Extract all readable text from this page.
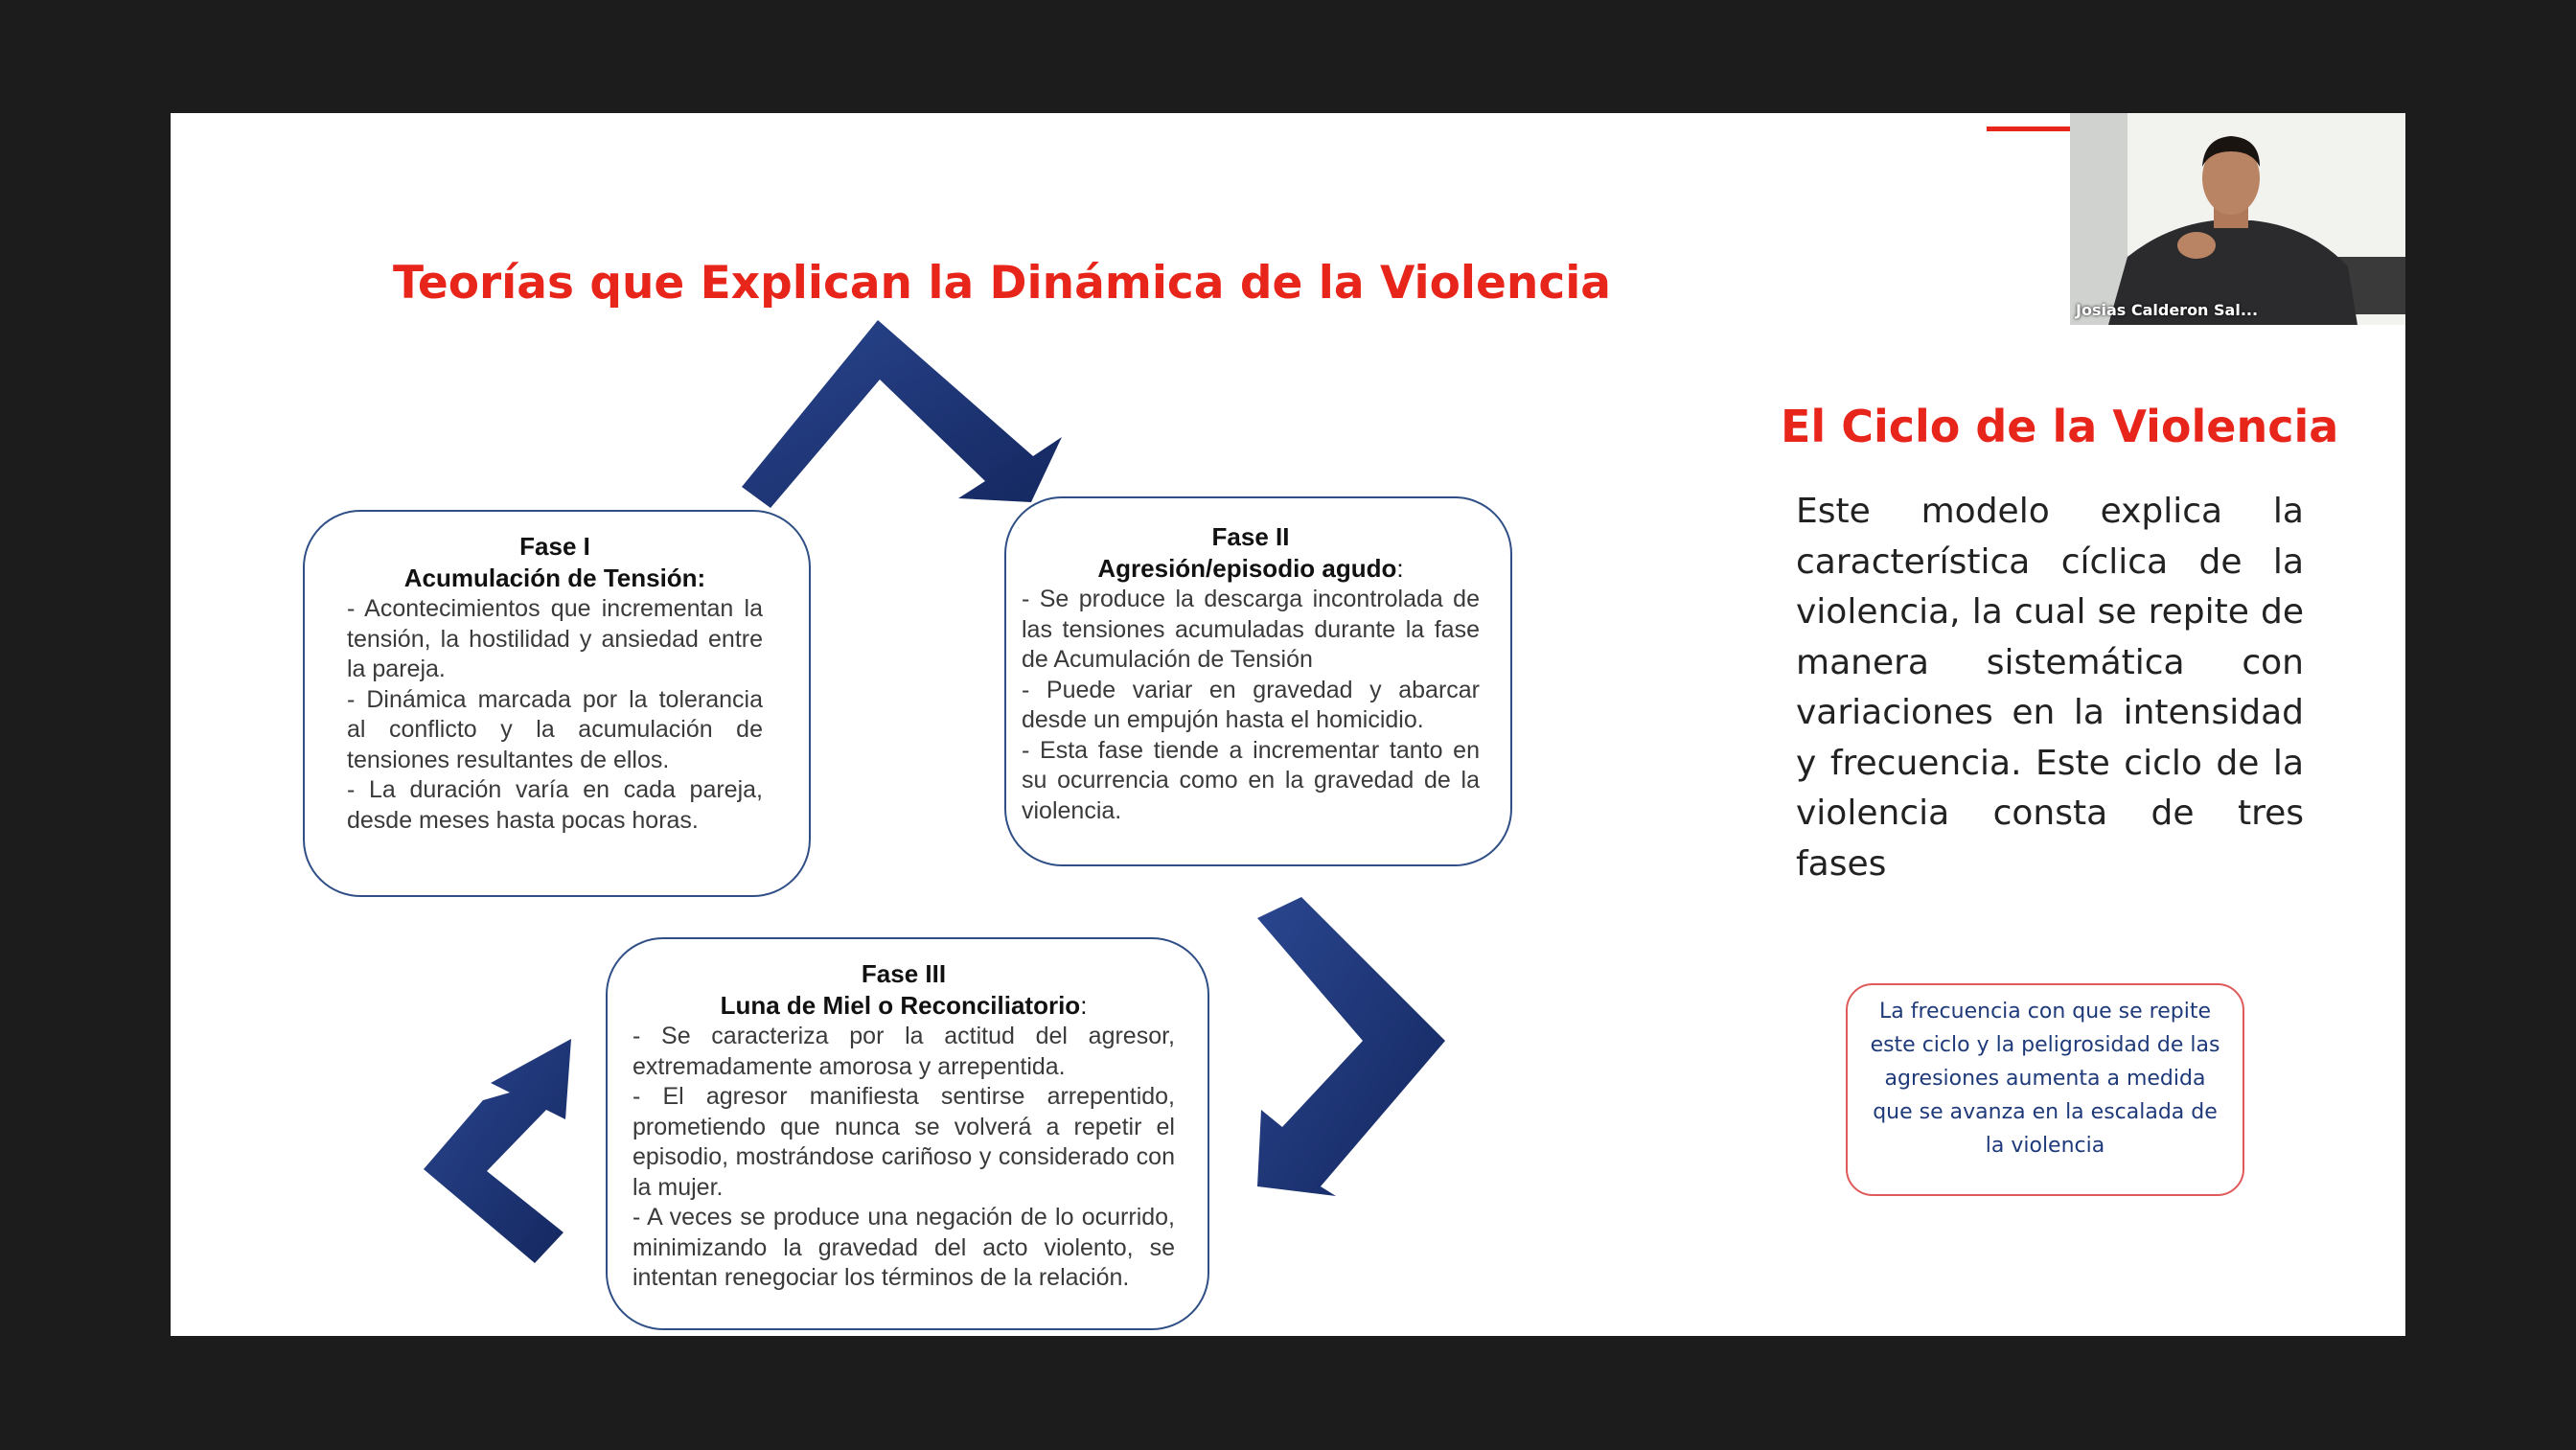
Teorías que Explican la Dinámica de la Violencia
Fase I
Acumulación de Tensión:
- Acontecimientos que incrementan la tensión, la hostilidad y ansiedad entre la pareja.
- Dinámica marcada por la tolerancia al conflicto y la acumulación de tensiones resultantes de ellos.
- La duración varía en cada pareja, desde meses hasta pocas horas.
Fase II
Agresión/episodio agudo:
- Se produce la descarga incontrolada de las tensiones acumuladas durante la fase de Acumulación de Tensión
- Puede variar en gravedad y abarcar desde un empujón hasta el homicidio.
- Esta fase tiende a incrementar tanto en su ocurrencia como en la gravedad de la violencia.
Fase III
Luna de Miel o Reconciliatorio:
- Se caracteriza por la actitud del agresor, extremadamente amorosa y arrepentida.
- El agresor manifiesta sentirse arrepentido, prometiendo que nunca se volverá a repetir el episodio, mostrándose cariñoso y considerado con la mujer.
- A veces se produce una negación de lo ocurrido, minimizando la gravedad del acto violento, se intentan renegociar los términos de la relación.
El Ciclo de la Violencia
Este modelo explica la característica cíclica de la violencia, la cual se repite de manera sistemática con variaciones en la intensidad y frecuencia. Este ciclo de la violencia consta de tres fases
La frecuencia con que se repite este ciclo y la peligrosidad de las agresiones aumenta a medida que se avanza en la escalada de la violencia
Josias Calderon Sal...
